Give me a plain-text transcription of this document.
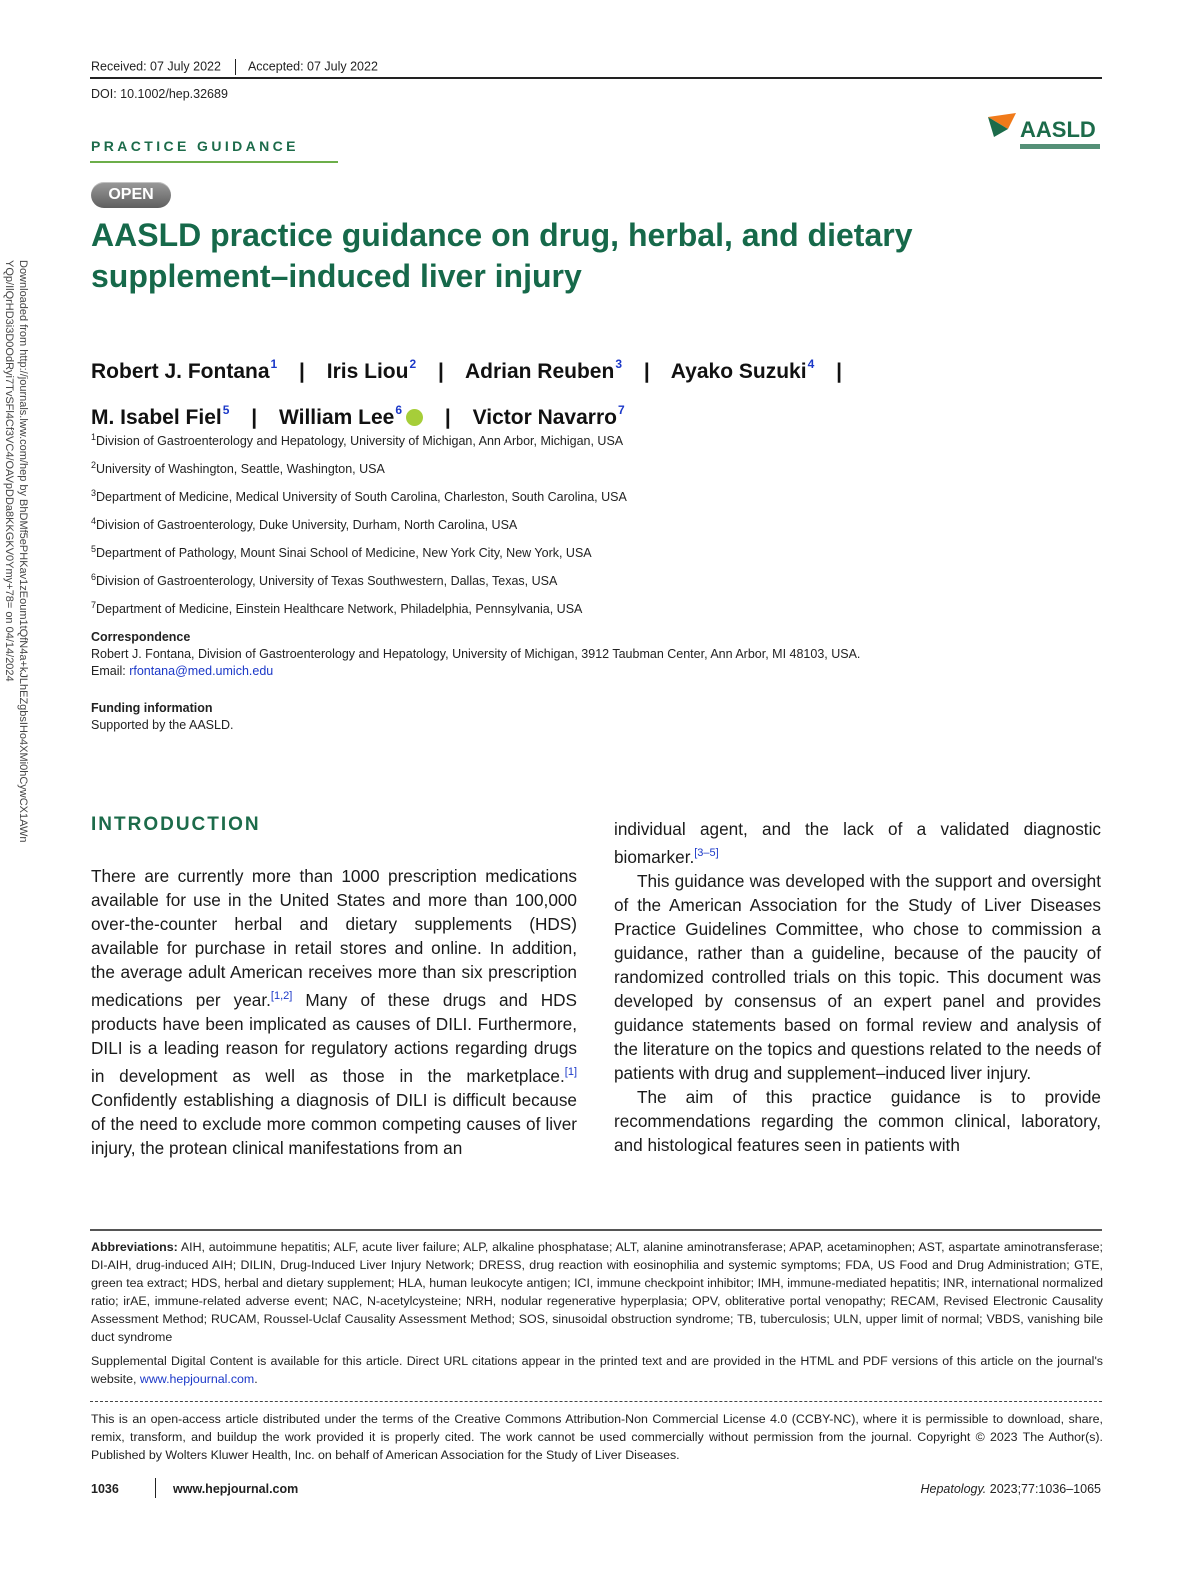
Received: 07 July 2022 Accepted: 07 July 2022
DOI: 10.1002/hep.32689
PRACTICE GUIDANCE
AASLD
OPEN
AASLD practice guidance on drug, herbal, and dietary supplement–induced liver injury
Robert J. Fontana$^1$ | Iris Liou$^2$ | Adrian Reuben$^3$ | Ayako Suzuki$^4$ |
M. Isabel Fiel$^5$ | William Lee$^6$iD | Victor Navarro$^7$
$^1$Division of Gastroenterology and Hepatology, University of Michigan, Ann Arbor, Michigan, USA
$^2$University of Washington, Seattle, Washington, USA
$^3$Department of Medicine, Medical University of South Carolina, Charleston, South Carolina, USA
$^4$Division of Gastroenterology, Duke University, Durham, North Carolina, USA
$^5$Department of Pathology, Mount Sinai School of Medicine, New York City, New York, USA
$^6$Division of Gastroenterology, University of Texas Southwestern, Dallas, Texas, USA
$^7$Department of Medicine, Einstein Healthcare Network, Philadelphia, Pennsylvania, USA
Correspondence
Robert J. Fontana, Division of Gastroenterology and Hepatology, University of Michigan, 3912 Taubman Center, Ann Arbor, MI 48103, USA.
Email: rfontana@med.umich.edu
Funding information
Supported by the AASLD.
Downloaded from http://journals.lww.com/hep by BhDMf5ePHKav1zEoum1tQfN4a+kJLhEZgbsIHo4XMi0hCywCX1AWn
YQp/IlQrHD3i3D0OdRyi7TvSFl4Cf3VC4/OAVpDDa8KKGKV0Ymy+78= on 04/14/2024
INTRODUCTION

There are currently more than 1000 prescription medications available for use in the United States and more than 100,000 over-the-counter herbal and dietary supplements (HDS) available for purchase in retail stores and online. In addition, the average adult American receives more than six prescription medications per year.[1,2] Many of these drugs and HDS products have been implicated as causes of DILI. Furthermore, DILI is a leading reason for regulatory actions regarding drugs in development as well as those in the marketplace.[1] Confidently establishing a diagnosis of DILI is difficult because of the need to exclude more common competing causes of liver injury, the protean clinical manifestations from an

individual agent, and the lack of a validated diagnostic biomarker.[3–5]

This guidance was developed with the support and oversight of the American Association for the Study of Liver Diseases Practice Guidelines Committee, who chose to commission a guidance, rather than a guideline, because of the paucity of randomized controlled trials on this topic. This document was developed by consensus of an expert panel and provides guidance statements based on formal review and analysis of the literature on the topics and questions related to the needs of patients with drug and supplement–induced liver injury.

The aim of this practice guidance is to provide recommendations regarding the common clinical, laboratory, and histological features seen in patients with

Abbreviations: AIH, autoimmune hepatitis; ALF, acute liver failure; ALP, alkaline phosphatase; ALT, alanine aminotransferase; APAP, acetaminophen; AST, aspartate aminotransferase; DI-AIH, drug-induced AIH; DILIN, Drug-Induced Liver Injury Network; DRESS, drug reaction with eosinophilia and systemic symptoms; FDA, US Food and Drug Administration; GTE, green tea extract; HDS, herbal and dietary supplement; HLA, human leukocyte antigen; ICI, immune checkpoint inhibitor; IMH, immune-mediated hepatitis; INR, international normalized ratio; irAE, immune-related adverse event; NAC, N-acetylcysteine; NRH, nodular regenerative hyperplasia; OPV, obliterative portal venopathy; RECAM, Revised Electronic Causality Assessment Method; RUCAM, Roussel-Uclaf Causality Assessment Method; SOS, sinusoidal obstruction syndrome; TB, tuberculosis; ULN, upper limit of normal; VBDS, vanishing bile duct syndrome
Supplemental Digital Content is available for this article. Direct URL citations appear in the printed text and are provided in the HTML and PDF versions of this article on the journal's website, www.hepjournal.com.
This is an open-access article distributed under the terms of the Creative Commons Attribution-Non Commercial License 4.0 (CCBY-NC), where it is permissible to download, share, remix, transform, and buildup the work provided it is properly cited. The work cannot be used commercially without permission from the journal. Copyright © 2023 The Author(s). Published by Wolters Kluwer Health, Inc. on behalf of American Association for the Study of Liver Diseases.
1036	www.hepjournal.com	Hepatology. 2023;77:1036–1065
